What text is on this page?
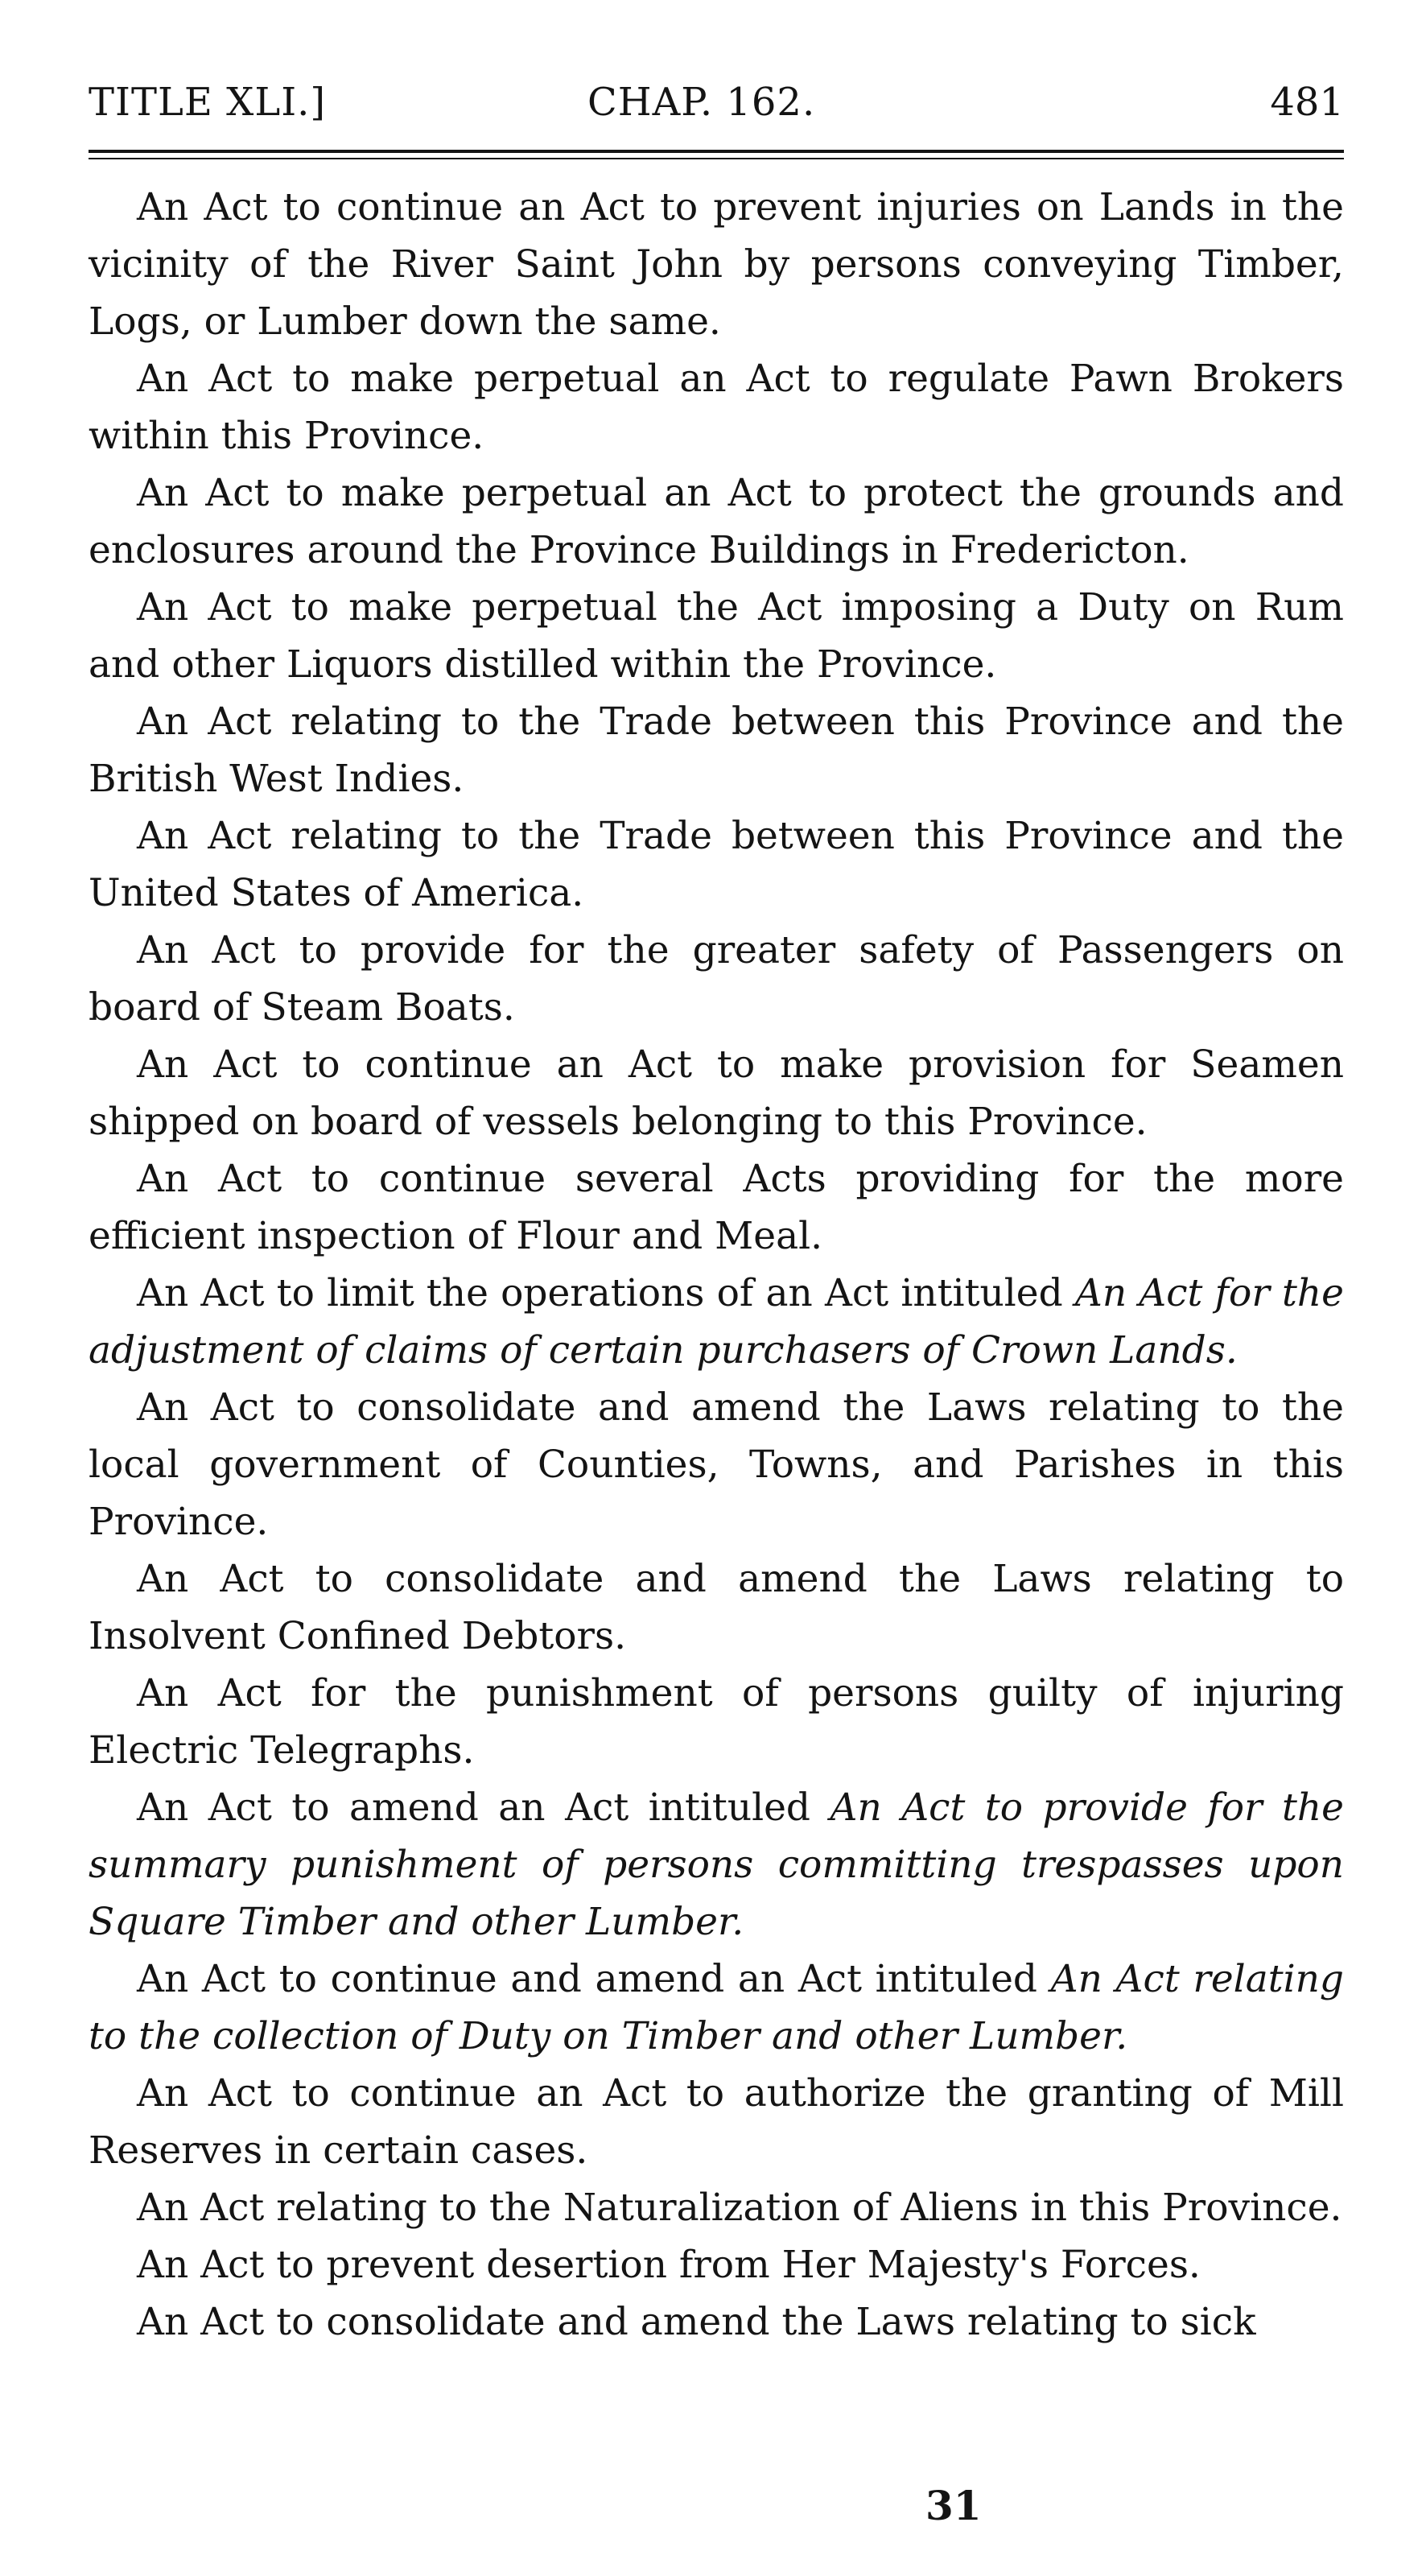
TITLE XLI.]	CHAP. 162.	481

An Act to continue an Act to prevent injuries on Lands in the vicinity of the River Saint John by persons conveying Timber, Logs, or Lumber down the same.

An Act to make perpetual an Act to regulate Pawn Brokers within this Province.

An Act to make perpetual an Act to protect the grounds and enclosures around the Province Buildings in Fredericton.

An Act to make perpetual the Act imposing a Duty on Rum and other Liquors distilled within the Province.

An Act relating to the Trade between this Province and the British West Indies.

An Act relating to the Trade between this Province and the United States of America.

An Act to provide for the greater safety of Passengers on board of Steam Boats.

An Act to continue an Act to make provision for Seamen shipped on board of vessels belonging to this Province.

An Act to continue several Acts providing for the more efficient inspection of Flour and Meal.

An Act to limit the operations of an Act intituled An Act for the adjustment of claims of certain purchasers of Crown Lands.

An Act to consolidate and amend the Laws relating to the local government of Counties, Towns, and Parishes in this Province.

An Act to consolidate and amend the Laws relating to Insolvent Confined Debtors.

An Act for the punishment of persons guilty of injuring Electric Telegraphs.

An Act to amend an Act intituled An Act to provide for the summary punishment of persons committing trespasses upon Square Timber and other Lumber.

An Act to continue and amend an Act intituled An Act relating to the collection of Duty on Timber and other Lumber.

An Act to continue an Act to authorize the granting of Mill Reserves in certain cases.

An Act relating to the Naturalization of Aliens in this Province.

An Act to prevent desertion from Her Majesty's Forces.

An Act to consolidate and amend the Laws relating to sick

31
